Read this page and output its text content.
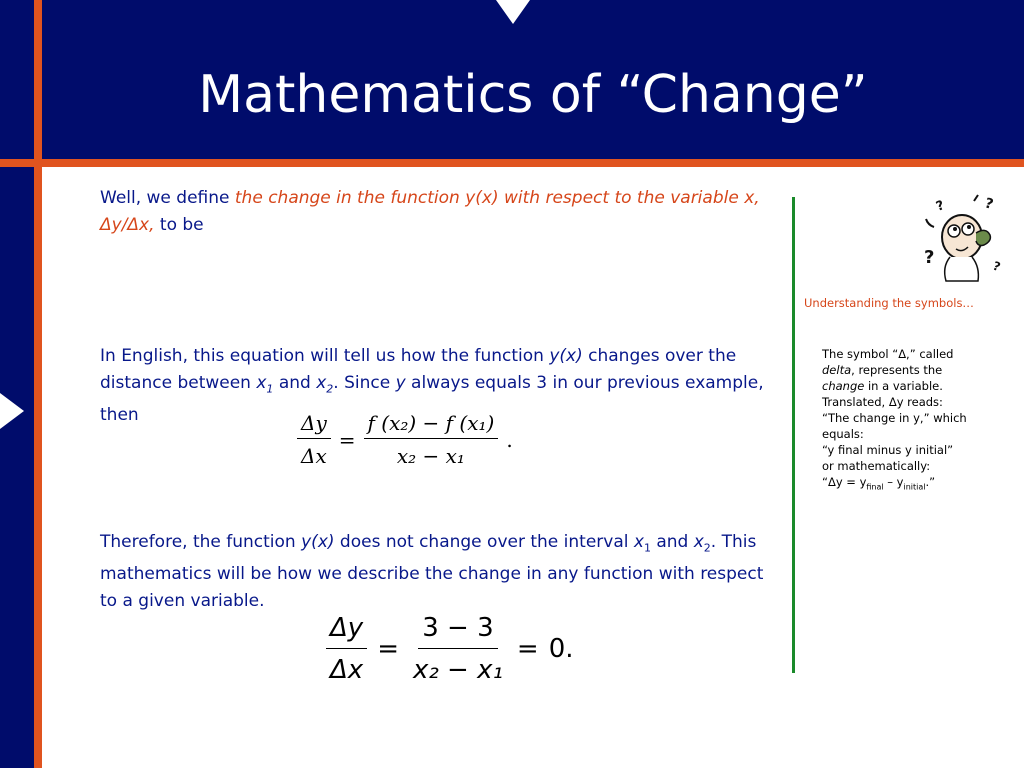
Mathematics of “Change”

Well, we define the change in the function y(x) with respect to the variable x, Δy/Δx, to be

$\frac{\Delta y}{\Delta x} = \frac{\text{f (x₂) − f (x₁)}}{\text{x₂ − x₁}}$ .

In English, this equation will tell us how the function y(x) changes over the distance between $x_1$ and $x_2$. Since y always equals 3 in our previous example, then

$\frac{\Delta y}{\Delta x} = \frac{3 - 3}{\text{x₂ − x₁}} = 0$.

Therefore, the function y(x) does not change over the interval $x_1$ and $x_2$. This mathematics will be how we describe the change in any function with respect to a given variable.

?	?
?	?

Understanding the symbols…

The symbol “Δ,” called
delta, represents the
change in a variable.
Translated, Δy reads:
“The change in y,” which
equals:
“y final minus y initial”
or mathematically:
“$\Delta y = y_{final} - y_{initial}$.”
